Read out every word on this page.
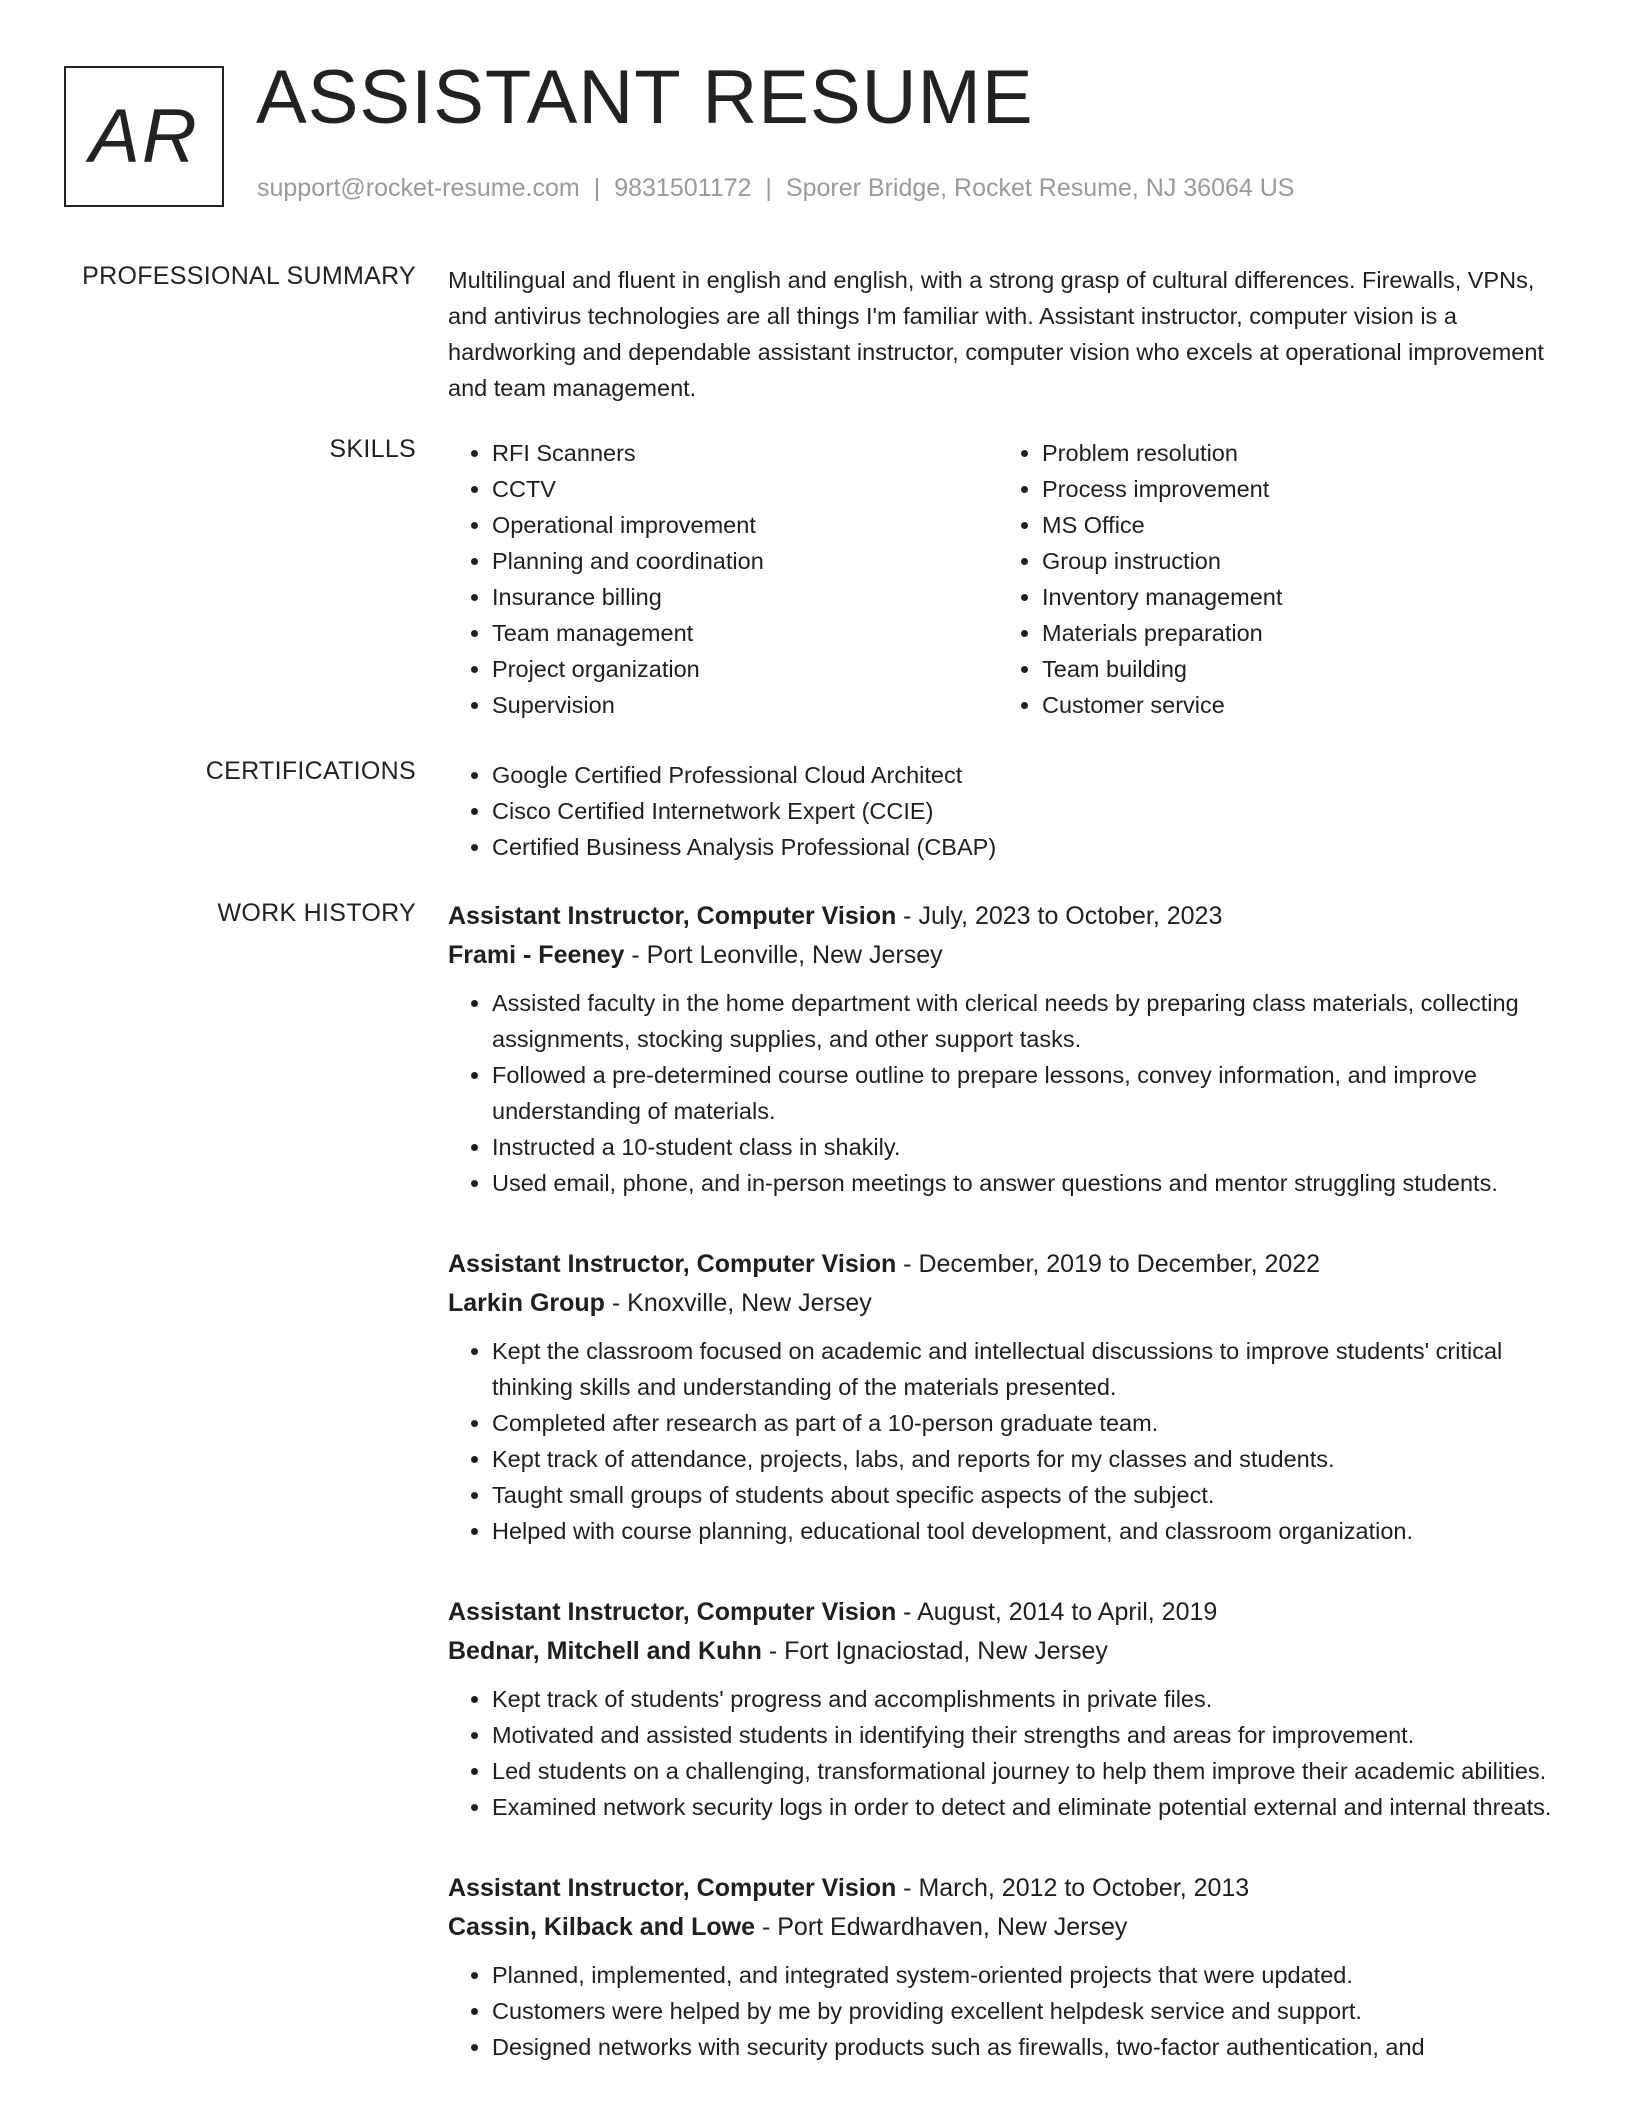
AR ASSISTANT RESUME
support@rocket-resume.com | 9831501172 | Sporer Bridge, Rocket Resume, NJ 36064 US
PROFESSIONAL SUMMARY Multilingual and fluent in english and english, with a strong grasp of cultural differences. Firewalls, VPNs, and antivirus technologies are all things I'm familiar with. Assistant instructor, computer vision is a hardworking and dependable assistant instructor, computer vision who excels at operational improvement and team management.

SKILLS	• RFI Scanners
• CCTV
• Operational improvement
• Planning and coordination
• Insurance billing
• Team management
• Project organization
• Supervision
• Problem resolution
• Process improvement
• MS Office
• Group instruction
• Inventory management
• Materials preparation
• Team building
• Customer service
CERTIFICATIONS	• Google Certified Professional Cloud Architect
• Cisco Certified Internetwork Expert (CCIE)
• Certified Business Analysis Professional (CBAP)
WORK HISTORY Assistant Instructor, Computer Vision - July, 2023 to October, 2023
Frami - Feeney - Port Leonville, New Jersey
• Assisted faculty in the home department with clerical needs by preparing class materials, collecting assignments, stocking supplies, and other support tasks.
• Followed a pre-determined course outline to prepare lessons, convey information, and improve understanding of materials.
• Instructed a 10-student class in shakily.
• Used email, phone, and in-person meetings to answer questions and mentor struggling students.
Assistant Instructor, Computer Vision - December, 2019 to December, 2022
Larkin Group - Knoxville, New Jersey
• Kept the classroom focused on academic and intellectual discussions to improve students' critical thinking skills and understanding of the materials presented.
• Completed after research as part of a 10-person graduate team.
• Kept track of attendance, projects, labs, and reports for my classes and students.
• Taught small groups of students about specific aspects of the subject.
• Helped with course planning, educational tool development, and classroom organization.
Assistant Instructor, Computer Vision - August, 2014 to April, 2019
Bednar, Mitchell and Kuhn - Fort Ignaciostad, New Jersey
• Kept track of students' progress and accomplishments in private files.
• Motivated and assisted students in identifying their strengths and areas for improvement.
• Led students on a challenging, transformational journey to help them improve their academic abilities.
• Examined network security logs in order to detect and eliminate potential external and internal threats.
Assistant Instructor, Computer Vision - March, 2012 to October, 2013
Cassin, Kilback and Lowe - Port Edwardhaven, New Jersey
• Planned, implemented, and integrated system-oriented projects that were updated.
• Customers were helped by me by providing excellent helpdesk service and support.
• Designed networks with security products such as firewalls, two-factor authentication, and
